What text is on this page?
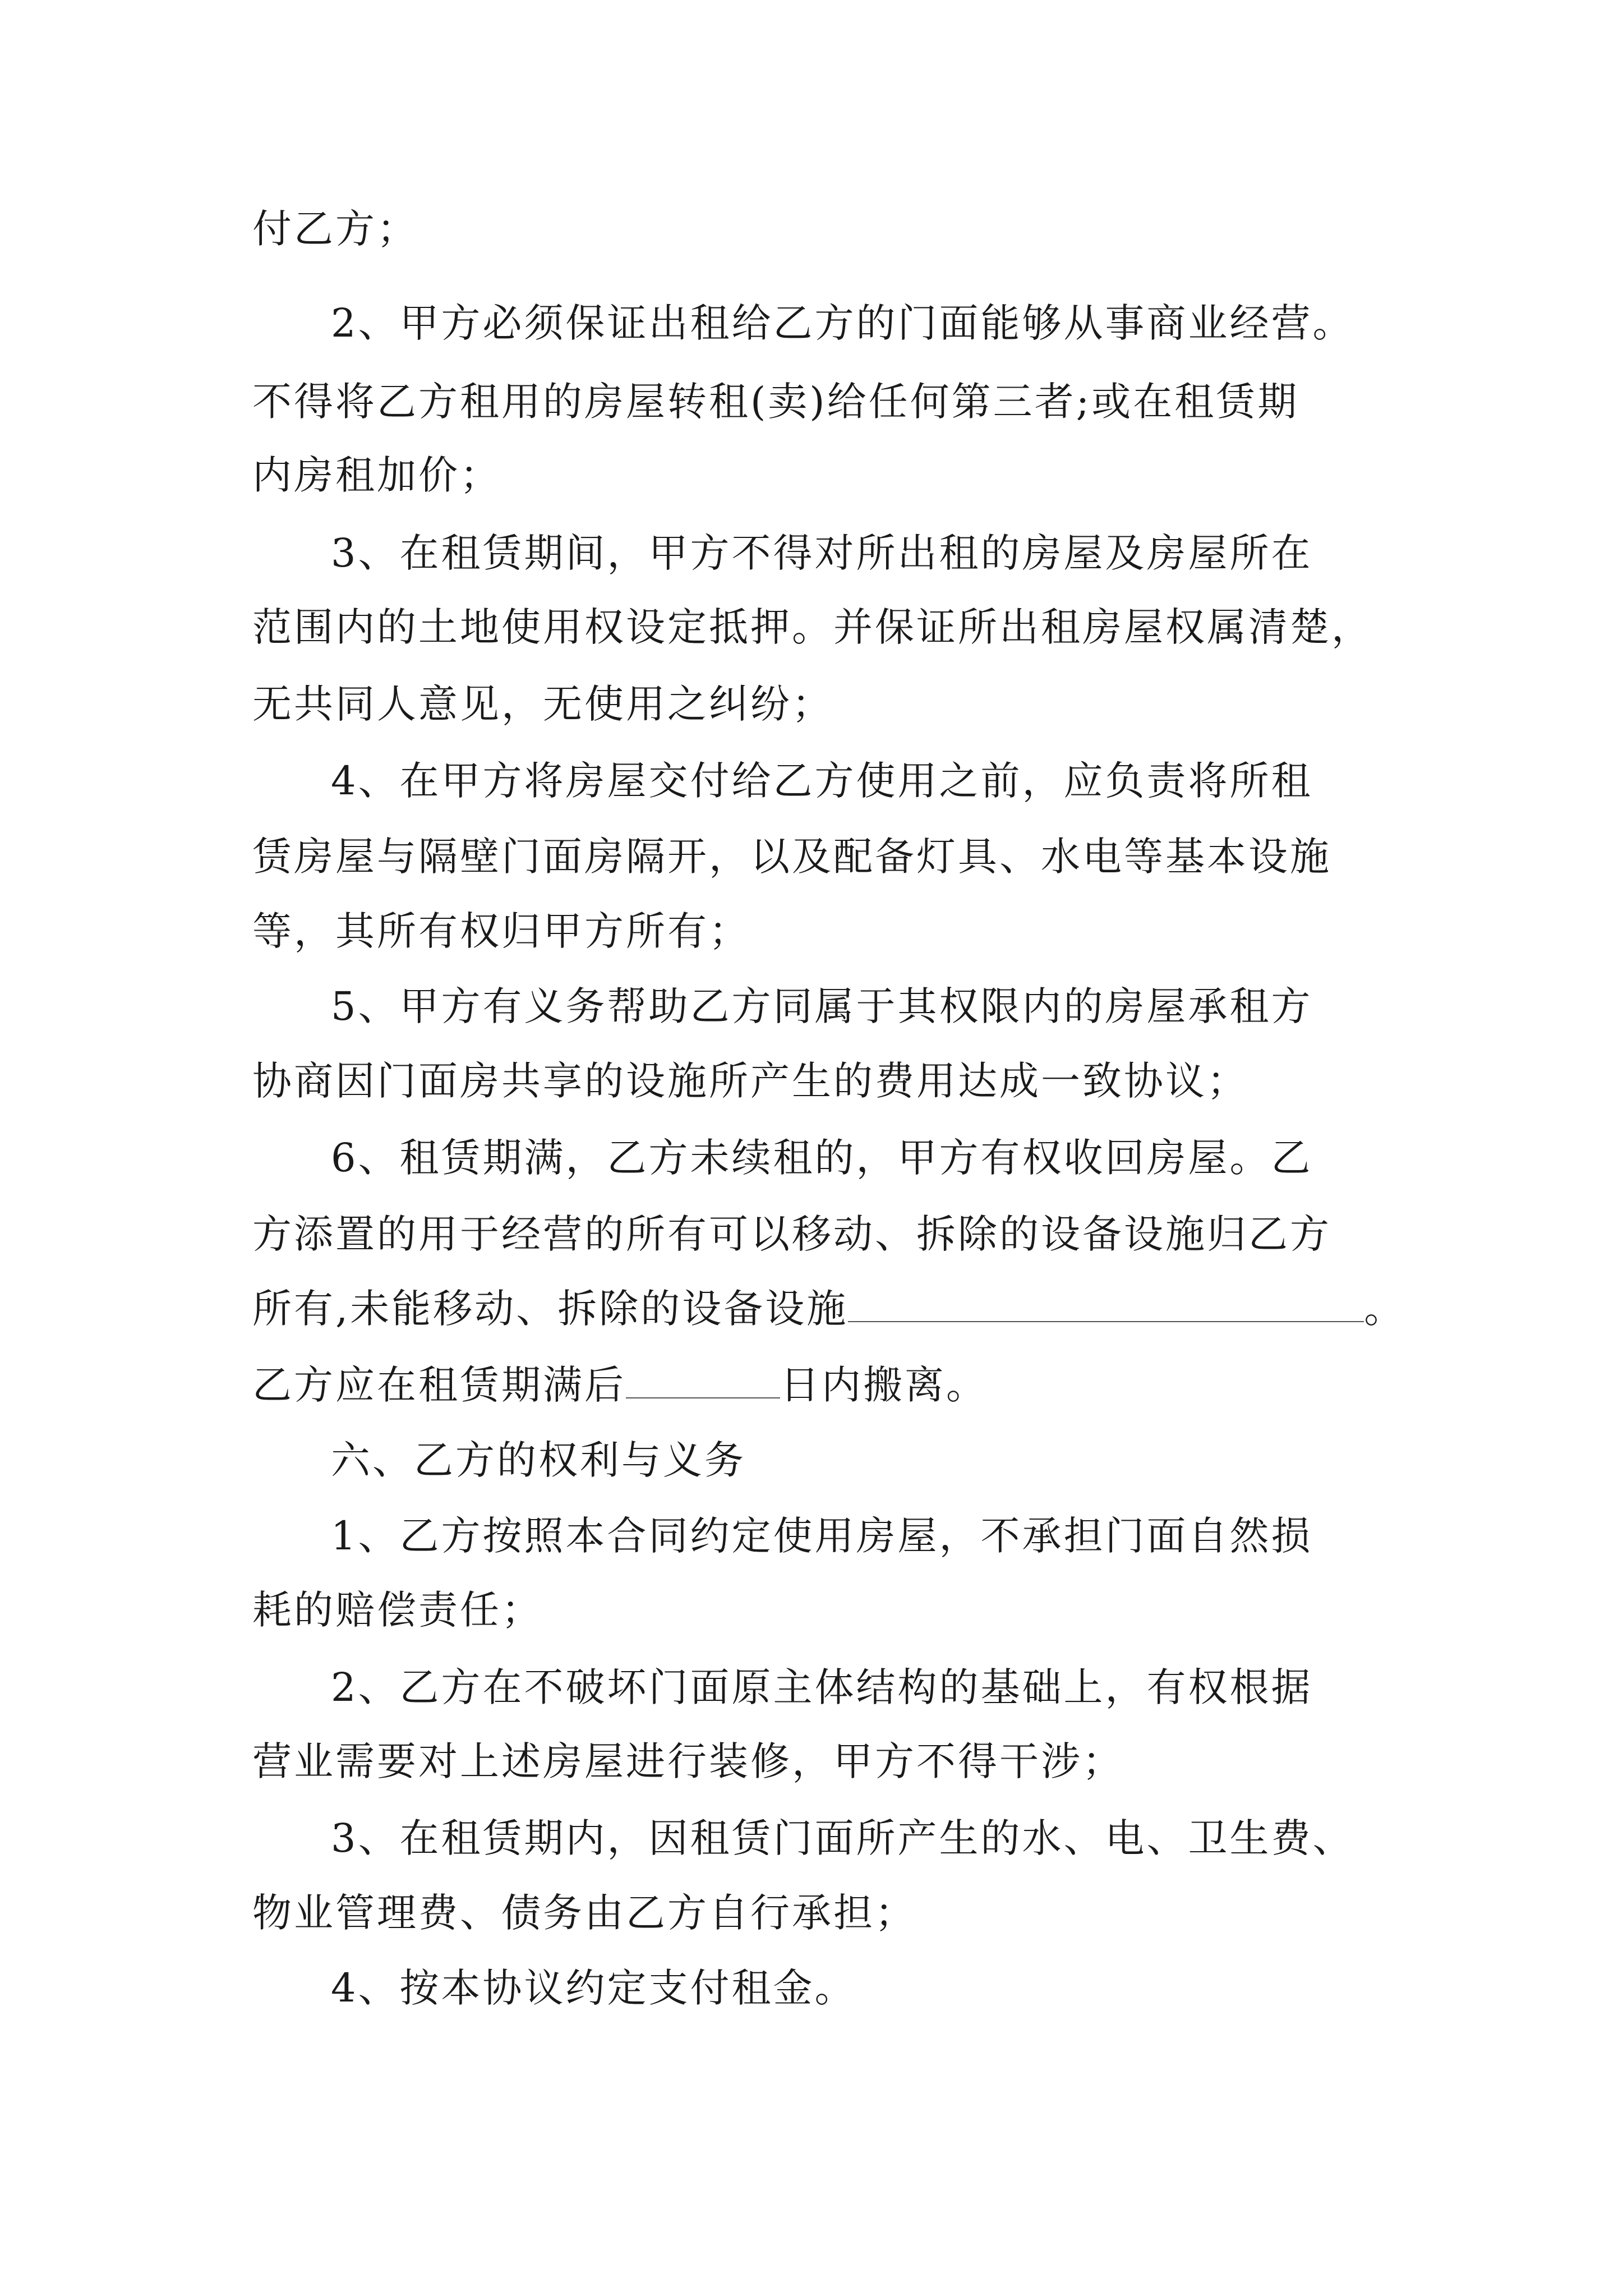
付乙方；
2、甲方必须保证出租给乙方的门面能够从事商业经营。
不得将乙方租用的房屋转租(卖)给任何第三者;或在租赁期
内房租加价；
3、在租赁期间，甲方不得对所出租的房屋及房屋所在
范围内的土地使用权设定抵押。并保证所出租房屋权属清楚，
无共同人意见，无使用之纠纷；
4、在甲方将房屋交付给乙方使用之前，应负责将所租
赁房屋与隔壁门面房隔开，以及配备灯具、水电等基本设施
等，其所有权归甲方所有；
5、甲方有义务帮助乙方同属于其权限内的房屋承租方
协商因门面房共享的设施所产生的费用达成一致协议；
6、租赁期满，乙方未续租的，甲方有权收回房屋。乙
方添置的用于经营的所有可以移动、拆除的设备设施归乙方
所有,未能移动、拆除的设备设施	。
乙方应在租赁期满后	日内搬离。
六、乙方的权利与义务
1、乙方按照本合同约定使用房屋，不承担门面自然损
耗的赔偿责任；
2、乙方在不破坏门面原主体结构的基础上，有权根据
营业需要对上述房屋进行装修，甲方不得干涉；
3、在租赁期内，因租赁门面所产生的水、电、卫生费、
物业管理费、债务由乙方自行承担；
4、按本协议约定支付租金。
